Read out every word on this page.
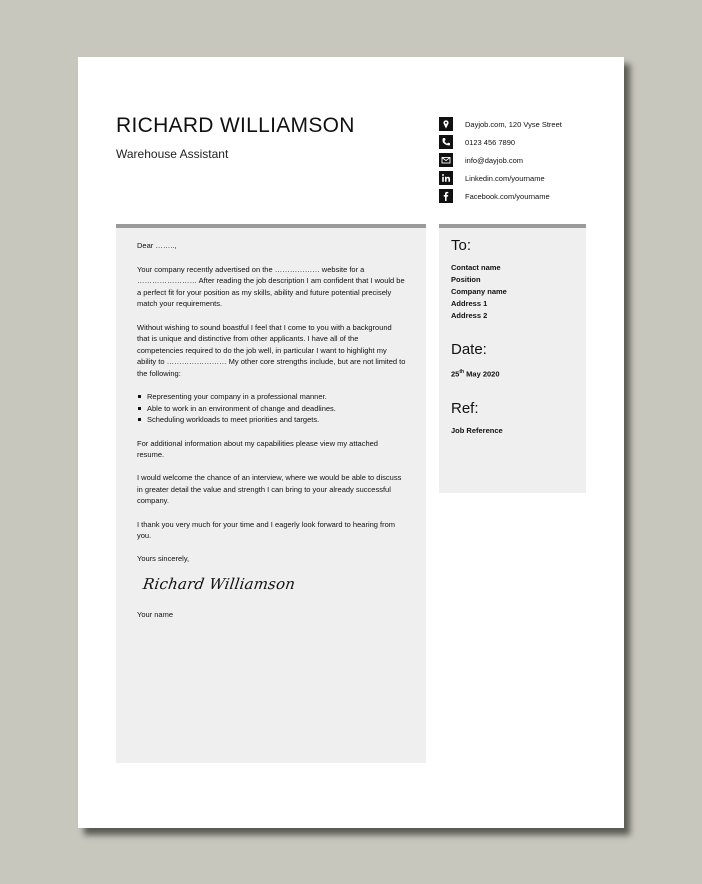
RICHARD WILLIAMSON
Warehouse Assistant
Dayjob.com, 120 Vyse Street
0123 456 7890
info@dayjob.com
Linkedin.com/yourname
Facebook.com/yourname

Dear ……..,

Your company recently advertised on the ……………… website for a …………………… After reading the job description I am confident that I would be a perfect fit for your position as my skills, ability and future potential precisely match your requirements.

Without wishing to sound boastful I feel that I come to you with a background that is unique and distinctive from other applicants. I have all of the competencies required to do the job well, in particular I want to highlight my ability to …………………… My other core strengths include, but are not limited to the following:

Representing your company in a professional manner.
Able to work in an environment of change and deadlines.
Scheduling workloads to meet priorities and targets.

For additional information about my capabilities please view my attached resume.

I would welcome the chance of an interview, where we would be able to discuss in greater detail the value and strength I can bring to your already successful company.

I thank you very much for your time and I eagerly look forward to hearing from you.

Yours sincerely,

Richard Williamson

Your name

To:
Contact name
Position
Company name
Address 1
Address 2
Date:
25th May 2020
Ref:
Job Reference
